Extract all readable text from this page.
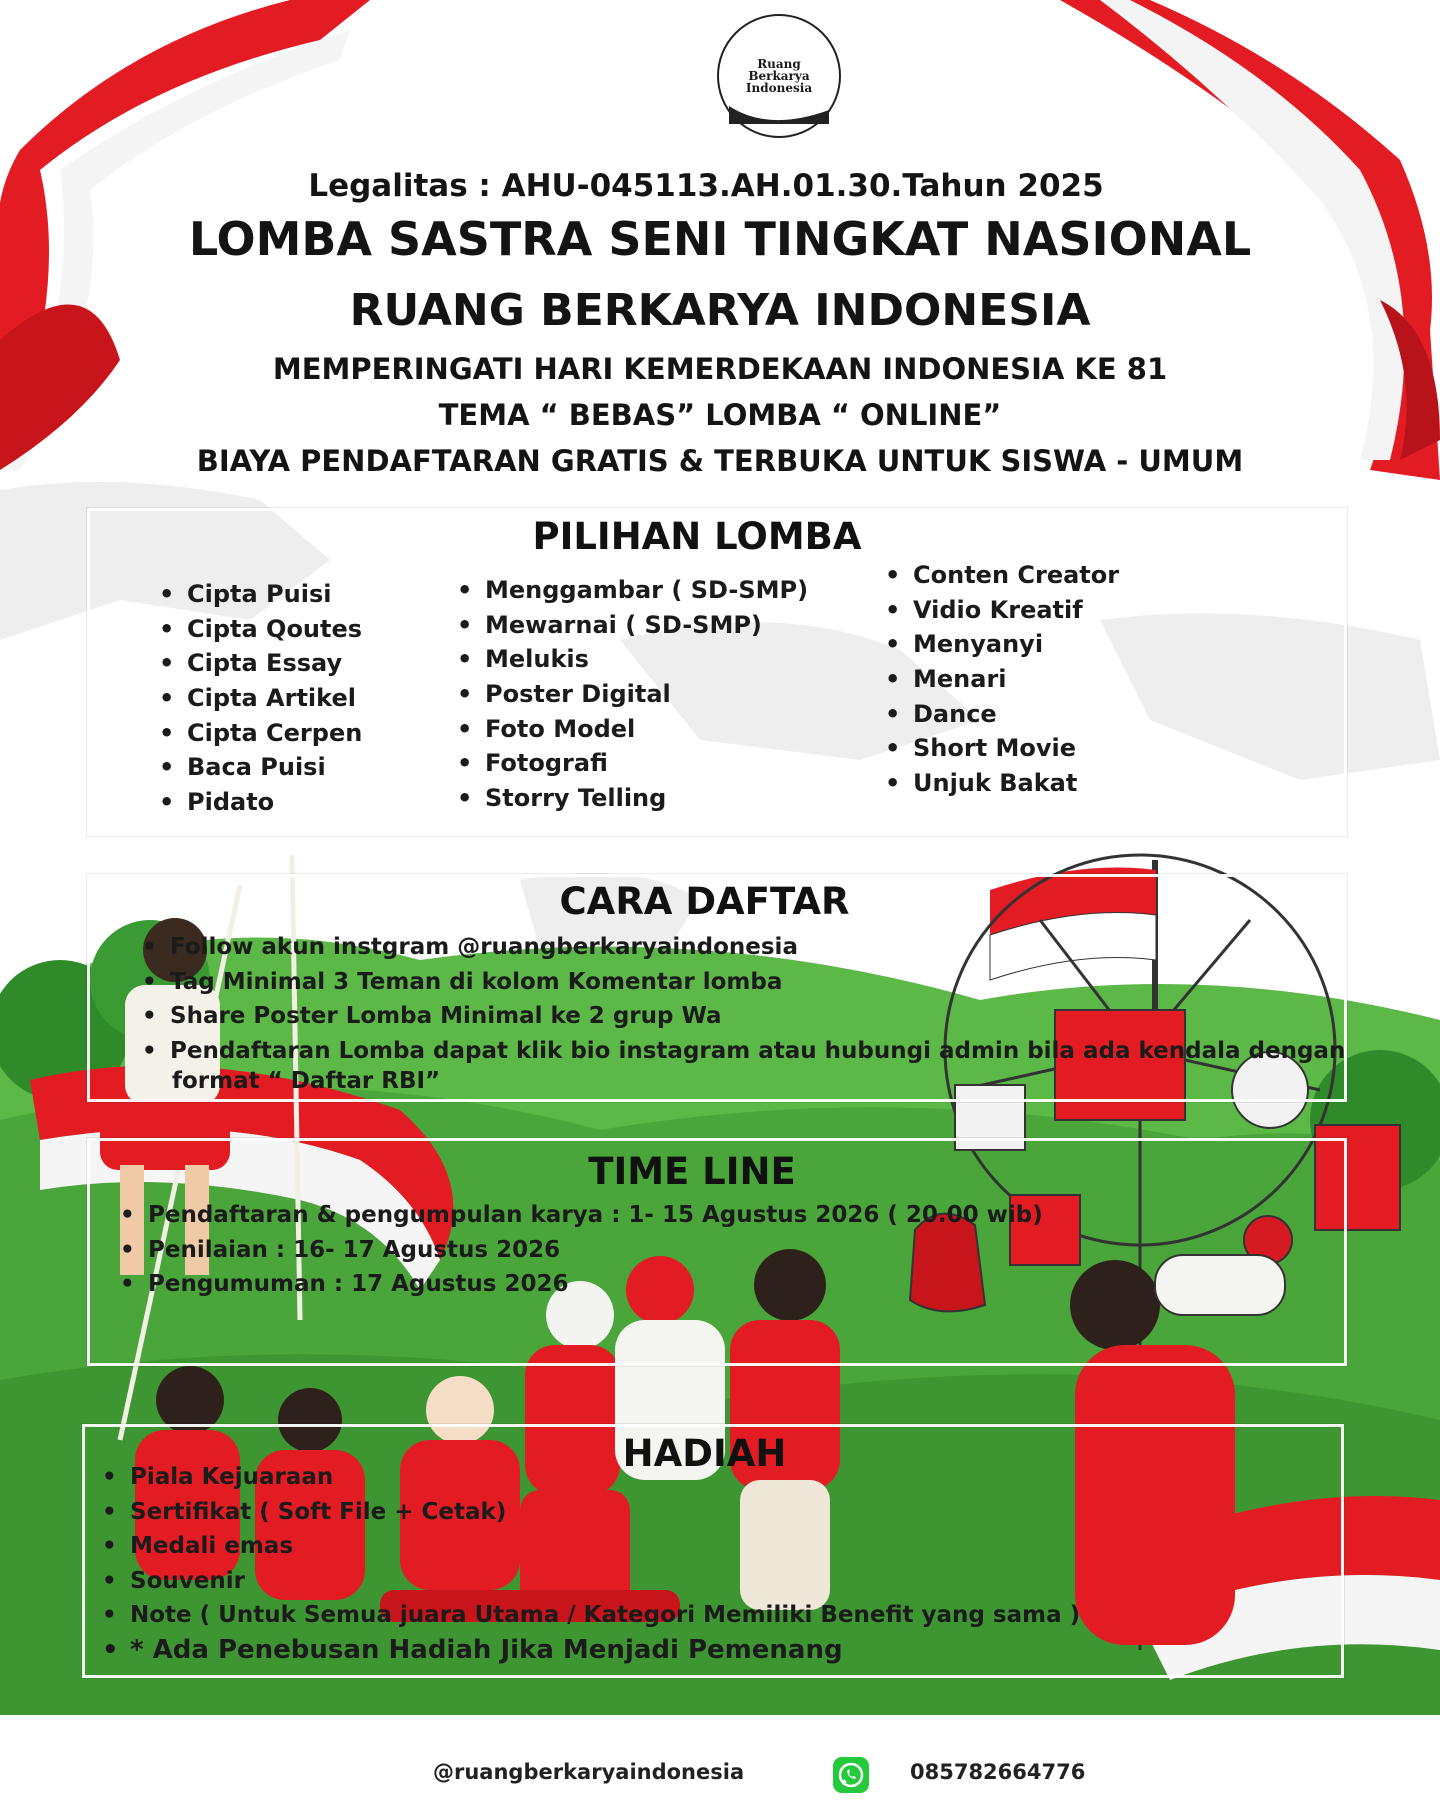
Ruang
Berkarya
Indonesia
Legalitas : AHU-045113.AH.01.30.Tahun 2025
LOMBA SASTRA SENI TINGKAT NASIONAL
RUANG BERKARYA INDONESIA
MEMPERINGATI HARI KEMERDEKAAN INDONESIA KE 81
TEMA “ BEBAS” LOMBA “ ONLINE”
BIAYA PENDAFTARAN GRATIS & TERBUKA UNTUK SISWA - UMUM
PILIHAN LOMBA
• Cipta Puisi
• Cipta Qoutes
• Cipta Essay
• Cipta Artikel
• Cipta Cerpen
• Baca Puisi
• Pidato
• Menggambar ( SD-SMP)
• Mewarnai ( SD-SMP)
• Melukis
• Poster Digital
• Foto Model
• Fotografi
• Storry Telling
• Conten Creator
• Vidio Kreatif
• Menyanyi
• Menari
• Dance
• Short Movie
• Unjuk Bakat
CARA DAFTAR
• Follow akun instgram @ruangberkaryaindonesia
• Tag Minimal 3 Teman di kolom Komentar lomba
• Share Poster Lomba Minimal ke 2 grup Wa
• Pendaftaran Lomba dapat klik bio instagram atau hubungi admin bila ada kendala dengan
format “ Daftar RBI”
TIME LINE
• Pendaftaran & pengumpulan karya : 1- 15 Agustus 2026 ( 20.00 wib)
• Penilaian : 16- 17 Agustus 2026
• Pengumuman : 17 Agustus 2026
HADIAH
• Piala Kejuaraan
• Sertifikat ( Soft File + Cetak)
• Medali emas
• Souvenir
• Note ( Untuk Semua juara Utama / Kategori Memiliki Benefit yang sama )
• * Ada Penebusan Hadiah Jika Menjadi Pemenang
@ruangberkaryaindonesia	085782664776
